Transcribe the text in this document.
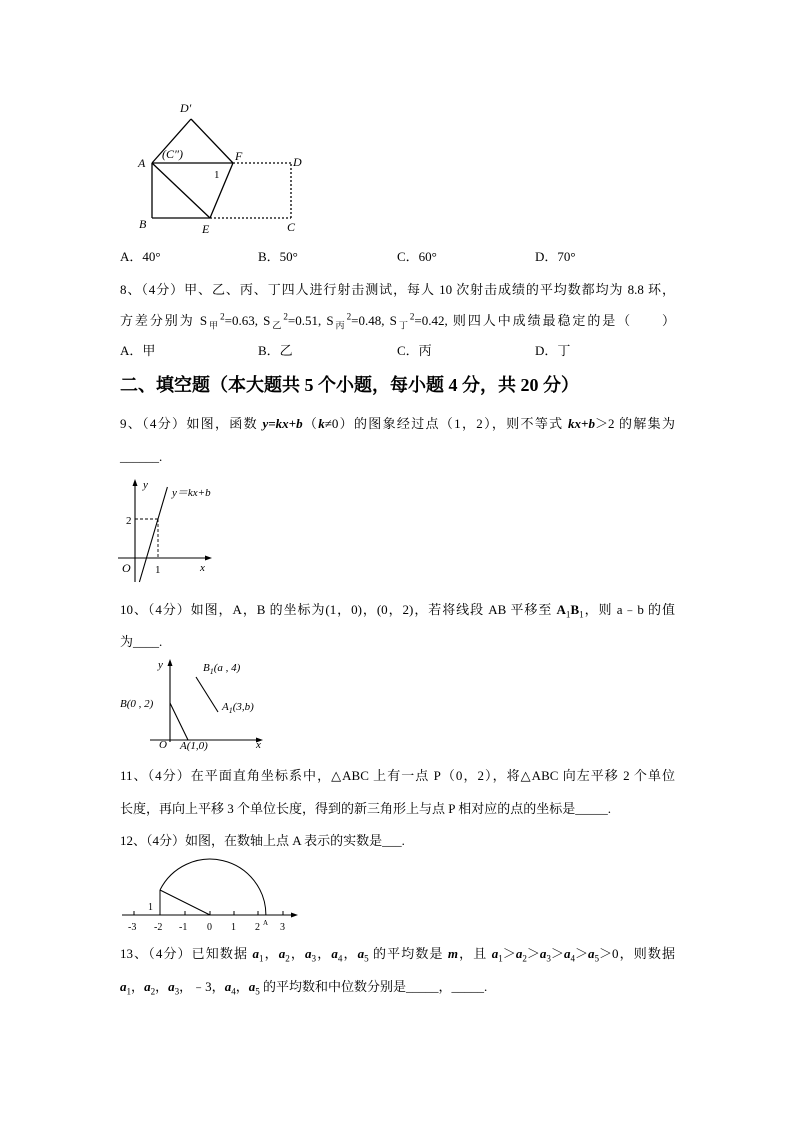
D′
A
(C″)	F	D
1
B	E	C
y
y＝kx+b
2
O 1	x
y
x
O A(1,0)
B(0 , 2)
$B_1(a$ , 4)
$A_1(3,b)$
-3 -2 -1 0 1 2 3
1
A
A．40°	B．50°	C．60°	D．70°
8、（4分）甲、乙、丙、丁四人进行射击测试，每人 10 次射击成绩的平均数都均为 8.8 环，
方差分别为 $S_甲^2=0.63$, $S_乙^2=0.51$, $S_丙^2=0.48$, $S_丁^2=0.42$, 则四人中成绩最稳定的是（　　）
A．甲	B．乙	C．丙	D．丁
二、填空题（本大题共 5 个小题，每小题 4 分，共 20 分）
9、（4分）如图，函数 y=kx+b（k≠0）的图象经过点（1，2），则不等式 kx+b＞2 的解集为
______.
10、（4分）如图，A，B 的坐标为(1，0)，(0，2)，若将线段 AB 平移至 $A_1B_1$，则 a﹣b 的值
为____.
11、（4分）在平面直角坐标系中，△ABC 上有一点 P（0，2），将△ABC 向左平移 2 个单位
长度，再向上平移 3 个单位长度，得到的新三角形上与点 P 相对应的点的坐标是_____.
12、（4分）如图，在数轴上点 A 表示的实数是___.
13、（4分）已知数据 $a_1$，$a_2$，$a_3$，$a_4$，$a_5$ 的平均数是 m，且 $a_1>a_2>a_3>a_4>a_5>0$，则数据
$a_1$，$a_2$，$a_3$，﹣3，$a_4$，$a_5$ 的平均数和中位数分别是_____，_____.
